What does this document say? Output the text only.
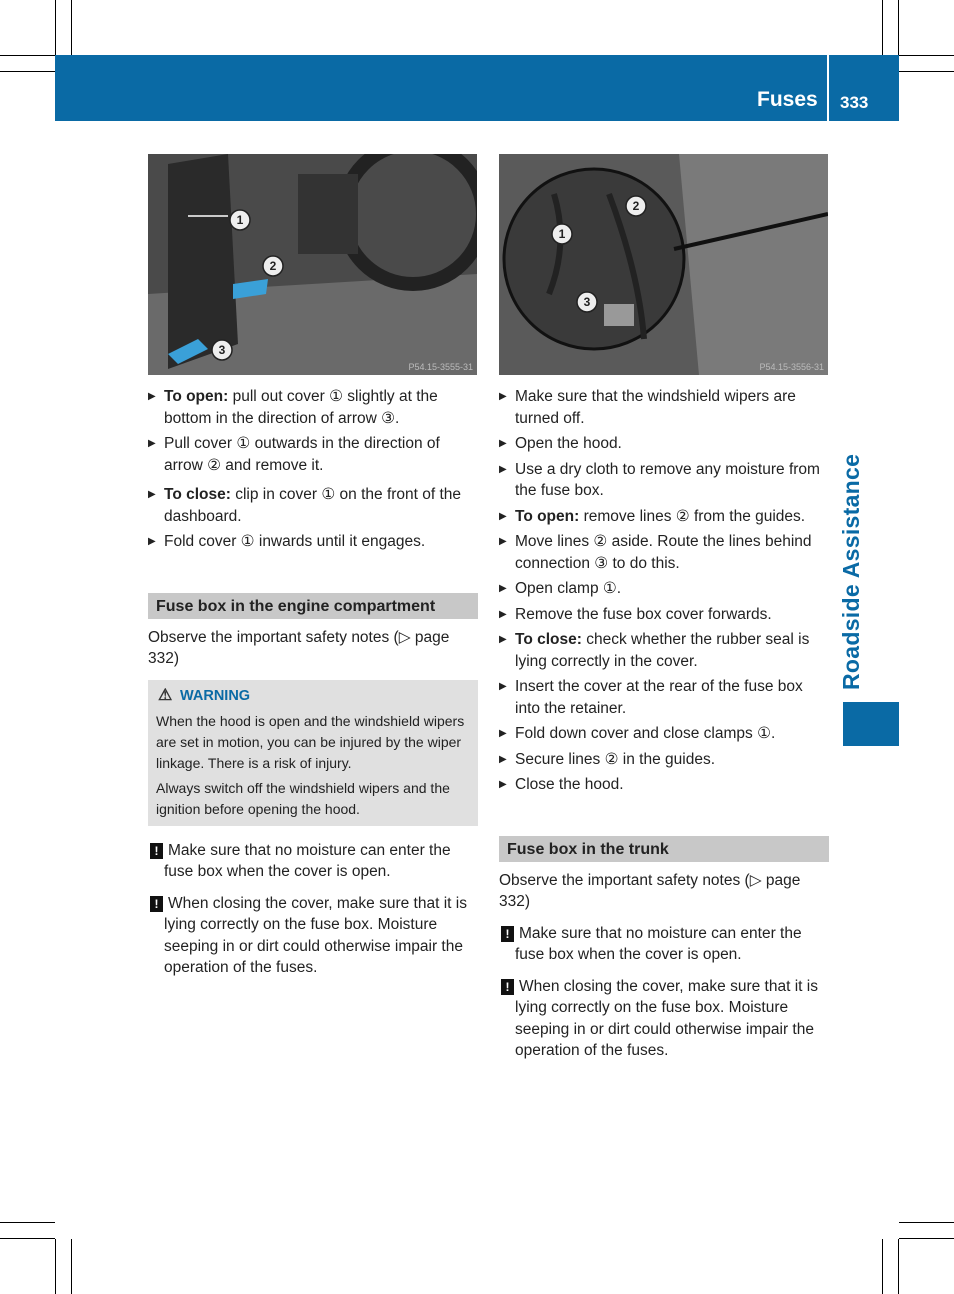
Fuses 333
Roadside Assistance
1
2
3
P54.15-3555-31
1
2
3
P54.15-3556-31
▶ To open: pull out cover ① slightly at the bottom in the direction of arrow ③.
▶ Pull cover ① outwards in the direction of arrow ② and remove it.
▶ To close: clip in cover ① on the front of the dashboard.
▶ Fold cover ① inwards until it engages.
Fuse box in the engine compartment
Observe the important safety notes (▷ page 332)
⚠ WARNING
When the hood is open and the windshield wipers are set in motion, you can be injured by the wiper linkage. There is a risk of injury.
Always switch off the windshield wipers and the ignition before opening the hood.
! Make sure that no moisture can enter the fuse box when the cover is open.
! When closing the cover, make sure that it is lying correctly on the fuse box. Moisture seeping in or dirt could otherwise impair the operation of the fuses.
▶ Make sure that the windshield wipers are turned off.
▶ Open the hood.
▶ Use a dry cloth to remove any moisture from the fuse box.
▶ To open: remove lines ② from the guides.
▶ Move lines ② aside. Route the lines behind connection ③ to do this.
▶ Open clamp ①.
▶ Remove the fuse box cover forwards.
▶ To close: check whether the rubber seal is lying correctly in the cover.
▶ Insert the cover at the rear of the fuse box into the retainer.
▶ Fold down cover and close clamps ①.
▶ Secure lines ② in the guides.
▶ Close the hood.
Fuse box in the trunk
Observe the important safety notes (▷ page 332)
! Make sure that no moisture can enter the fuse box when the cover is open.
! When closing the cover, make sure that it is lying correctly on the fuse box. Moisture seeping in or dirt could otherwise impair the operation of the fuses.
